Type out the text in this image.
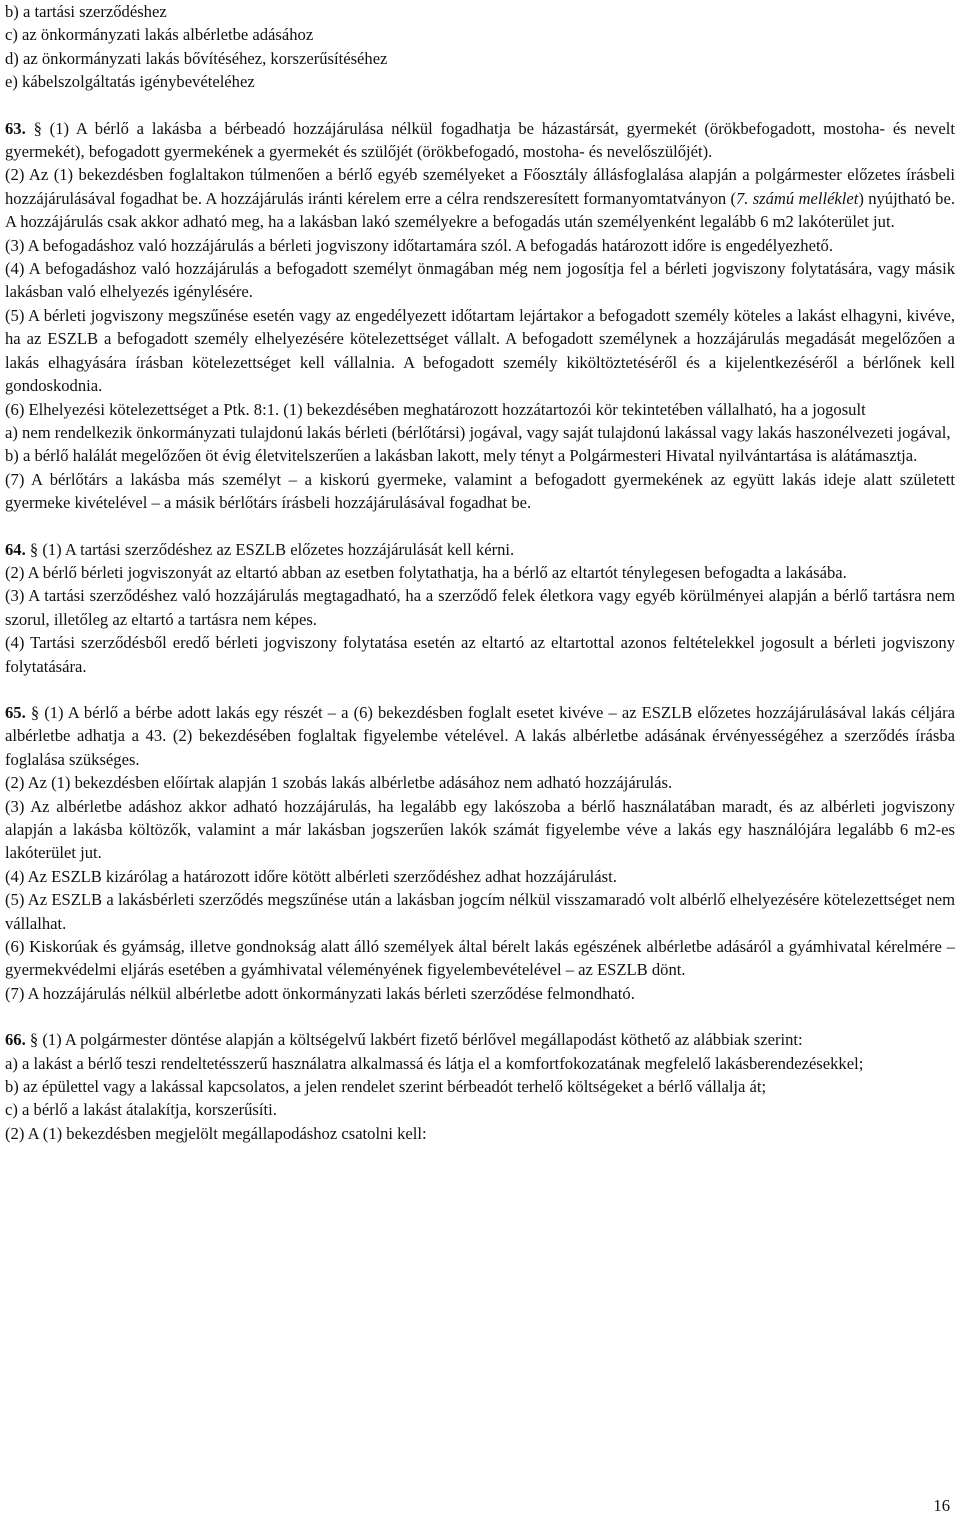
b) a tartási szerződéshez

c) az önkormányzati lakás albérletbe adásához

d) az önkormányzati lakás bővítéséhez, korszerűsítéséhez

e) kábelszolgáltatás igénybevételéhez

63. § (1) A bérlő a lakásba a bérbeadó hozzájárulása nélkül fogadhatja be házastársát, gyermekét (örökbefogadott, mostoha- és nevelt gyermekét), befogadott gyermekének a gyermekét és szülőjét (örökbefogadó, mostoha- és nevelőszülőjét).

(2) Az (1) bekezdésben foglaltakon túlmenően a bérlő egyéb személyeket a Főosztály állásfoglalása alapján a polgármester előzetes írásbeli hozzájárulásával fogadhat be. A hozzájárulás iránti kérelem erre a célra rendszeresített formanyomtatványon (7. számú melléklet) nyújtható be. A hozzájárulás csak akkor adható meg, ha a lakásban lakó személyekre a befogadás után személyenként legalább 6 m2 lakóterület jut.

(3) A befogadáshoz való hozzájárulás a bérleti jogviszony időtartamára szól. A befogadás határozott időre is engedélyezhető.

(4) A befogadáshoz való hozzájárulás a befogadott személyt önmagában még nem jogosítja fel a bérleti jogviszony folytatására, vagy másik lakásban való elhelyezés igénylésére.

(5) A bérleti jogviszony megszűnése esetén vagy az engedélyezett időtartam lejártakor a befogadott személy köteles a lakást elhagyni, kivéve, ha az ESZLB a befogadott személy elhelyezésére kötelezettséget vállalt. A befogadott személynek a hozzájárulás megadását megelőzően a lakás elhagyására írásban kötelezettséget kell vállalnia. A befogadott személy kiköltöztetéséről és a kijelentkezéséről a bérlőnek kell gondoskodnia.

(6) Elhelyezési kötelezettséget a Ptk. 8:1. (1) bekezdésében meghatározott hozzátartozói kör tekintetében vállalható, ha a jogosult

a) nem rendelkezik önkormányzati tulajdonú lakás bérleti (bérlőtársi) jogával, vagy saját tulajdonú lakással vagy lakás haszonélvezeti jogával,

b) a bérlő halálát megelőzően öt évig életvitelszerűen a lakásban lakott, mely tényt a Polgármesteri Hivatal nyilvántartása is alátámasztja.

(7) A bérlőtárs a lakásba más személyt – a kiskorú gyermeke, valamint a befogadott gyermekének az együtt lakás ideje alatt született gyermeke kivételével – a másik bérlőtárs írásbeli hozzájárulásával fogadhat be.

64. § (1) A tartási szerződéshez az ESZLB előzetes hozzájárulását kell kérni.

(2) A bérlő bérleti jogviszonyát az eltartó abban az esetben folytathatja, ha a bérlő az eltartót ténylegesen befogadta a lakásába.

(3) A tartási szerződéshez való hozzájárulás megtagadható, ha a szerződő felek életkora vagy egyéb körülményei alapján a bérlő tartásra nem szorul, illetőleg az eltartó a tartásra nem képes.

(4) Tartási szerződésből eredő bérleti jogviszony folytatása esetén az eltartó az eltartottal azonos feltételekkel jogosult a bérleti jogviszony folytatására.

65. § (1) A bérlő a bérbe adott lakás egy részét – a (6) bekezdésben foglalt esetet kivéve – az ESZLB előzetes hozzájárulásával lakás céljára albérletbe adhatja a 43. (2) bekezdésében foglaltak figyelembe vételével. A lakás albérletbe adásának érvényességéhez a szerződés írásba foglalása szükséges.

(2) Az (1) bekezdésben előírtak alapján 1 szobás lakás albérletbe adásához nem adható hozzájárulás.

(3) Az albérletbe adáshoz akkor adható hozzájárulás, ha legalább egy lakószoba a bérlő használatában maradt, és az albérleti jogviszony alapján a lakásba költözők, valamint a már lakásban jogszerűen lakók számát figyelembe véve a lakás egy használójára legalább 6 m2-es lakóterület jut.

(4) Az ESZLB kizárólag a határozott időre kötött albérleti szerződéshez adhat hozzájárulást.

(5) Az ESZLB a lakásbérleti szerződés megszűnése után a lakásban jogcím nélkül visszamaradó volt albérlő elhelyezésére kötelezettséget nem vállalhat.

(6) Kiskorúak és gyámság, illetve gondnokság alatt álló személyek által bérelt lakás egészének albérletbe adásáról a gyámhivatal kérelmére – gyermekvédelmi eljárás esetében a gyámhivatal véleményének figyelembevételével – az ESZLB dönt.

(7) A hozzájárulás nélkül albérletbe adott önkormányzati lakás bérleti szerződése felmondható.

66. § (1) A polgármester döntése alapján a költségelvű lakbért fizető bérlővel megállapodást köthető az alábbiak szerint:

a) a lakást a bérlő teszi rendeltetésszerű használatra alkalmassá és látja el a komfortfokozatának megfelelő lakásberendezésekkel;

b) az épülettel vagy a lakással kapcsolatos, a jelen rendelet szerint bérbeadót terhelő költségeket a bérlő vállalja át;

c) a bérlő a lakást átalakítja, korszerűsíti.

(2) A (1) bekezdésben megjelölt megállapodáshoz csatolni kell:

16
